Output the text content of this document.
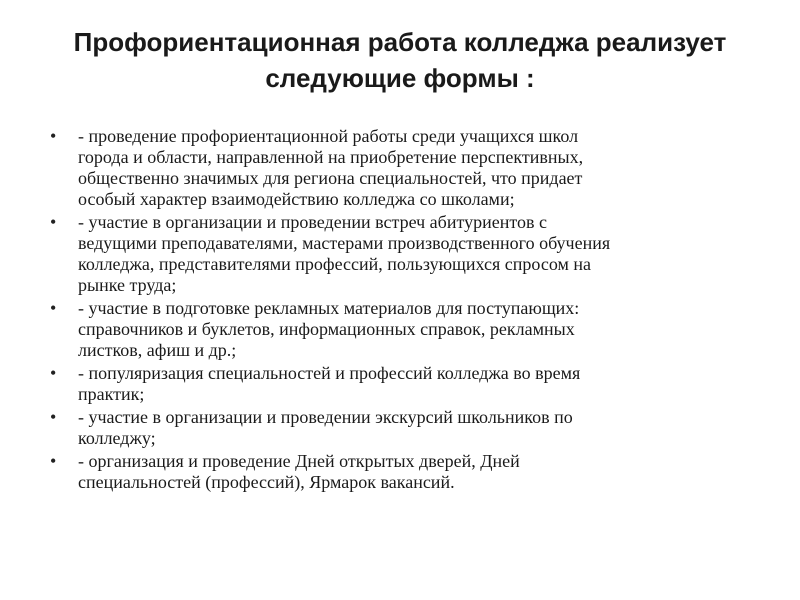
Профориентационная работа колледжа реализует
следующие формы :
• - проведение профориентационной работы среди учащихся школ
города и области, направленной на приобретение перспективных,
общественно значимых для региона специальностей, что придает
особый характер взаимодействию колледжа со школами;
• - участие в организации и проведении встреч абитуриентов с
ведущими преподавателями, мастерами производственного обучения
колледжа, представителями профессий, пользующихся спросом на
рынке труда;
• - участие в подготовке рекламных материалов для поступающих:
справочников и буклетов, информационных справок, рекламных
листков, афиш и др.;
• - популяризация специальностей и профессий колледжа во время
практик;
• - участие в организации и проведении экскурсий школьников по
колледжу;
• - организация и проведение Дней открытых дверей, Дней
специальностей (профессий), Ярмарок вакансий.
